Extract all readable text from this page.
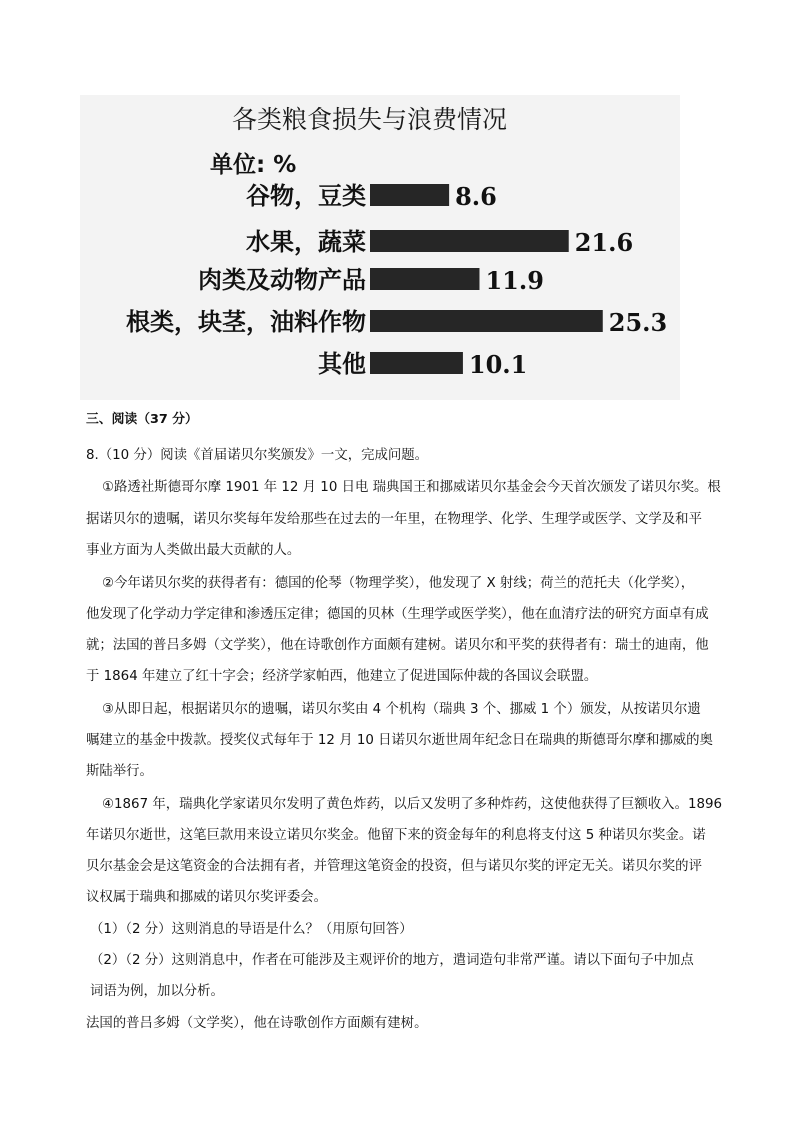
各类粮食损失与浪费情况
单位: %
谷物，豆类	8.6
水果，蔬菜	21.6
肉类及动物产品	11.9
根类，块茎，油料作物	25.3
其他	10.1
三、阅读（37 分）
8.（10 分）阅读《首届诺贝尔奖颁发》一文，完成问题。
①路透社斯德哥尔摩 1901 年 12 月 10 日电 瑞典国王和挪威诺贝尔基金会今天首次颁发了诺贝尔奖。根
据诺贝尔的遗嘱，诺贝尔奖每年发给那些在过去的一年里，在物理学、化学、生理学或医学、文学及和平
事业方面为人类做出最大贡献的人。
②今年诺贝尔奖的获得者有：德国的伦琴（物理学奖），他发现了 X 射线；荷兰的范托夫（化学奖），
他发现了化学动力学定律和渗透压定律；德国的贝林（生理学或医学奖），他在血清疗法的研究方面卓有成
就；法国的普吕多姆（文学奖），他在诗歌创作方面颇有建树。诺贝尔和平奖的获得者有：瑞士的迪南，他
于 1864 年建立了红十字会；经济学家帕西，他建立了促进国际仲裁的各国议会联盟。
③从即日起，根据诺贝尔的遗嘱，诺贝尔奖由 4 个机构（瑞典 3 个、挪威 1 个）颁发，从按诺贝尔遗
嘱建立的基金中拨款。授奖仪式每年于 12 月 10 日诺贝尔逝世周年纪念日在瑞典的斯德哥尔摩和挪威的奥
斯陆举行。
④1867 年，瑞典化学家诺贝尔发明了黄色炸药，以后又发明了多种炸药，这使他获得了巨额收入。1896
年诺贝尔逝世，这笔巨款用来设立诺贝尔奖金。他留下来的资金每年的利息将支付这 5 种诺贝尔奖金。诺
贝尔基金会是这笔资金的合法拥有者，并管理这笔资金的投资，但与诺贝尔奖的评定无关。诺贝尔奖的评
议权属于瑞典和挪威的诺贝尔奖评委会。
（1）（2 分）这则消息的导语是什么？（用原句回答）
（2）（2 分）这则消息中，作者在可能涉及主观评价的地方，遣词造句非常严谨。请以下面句子中加点
词语为例，加以分析。
法国的普吕多姆（文学奖），他在诗歌创作方面颇有建树。
